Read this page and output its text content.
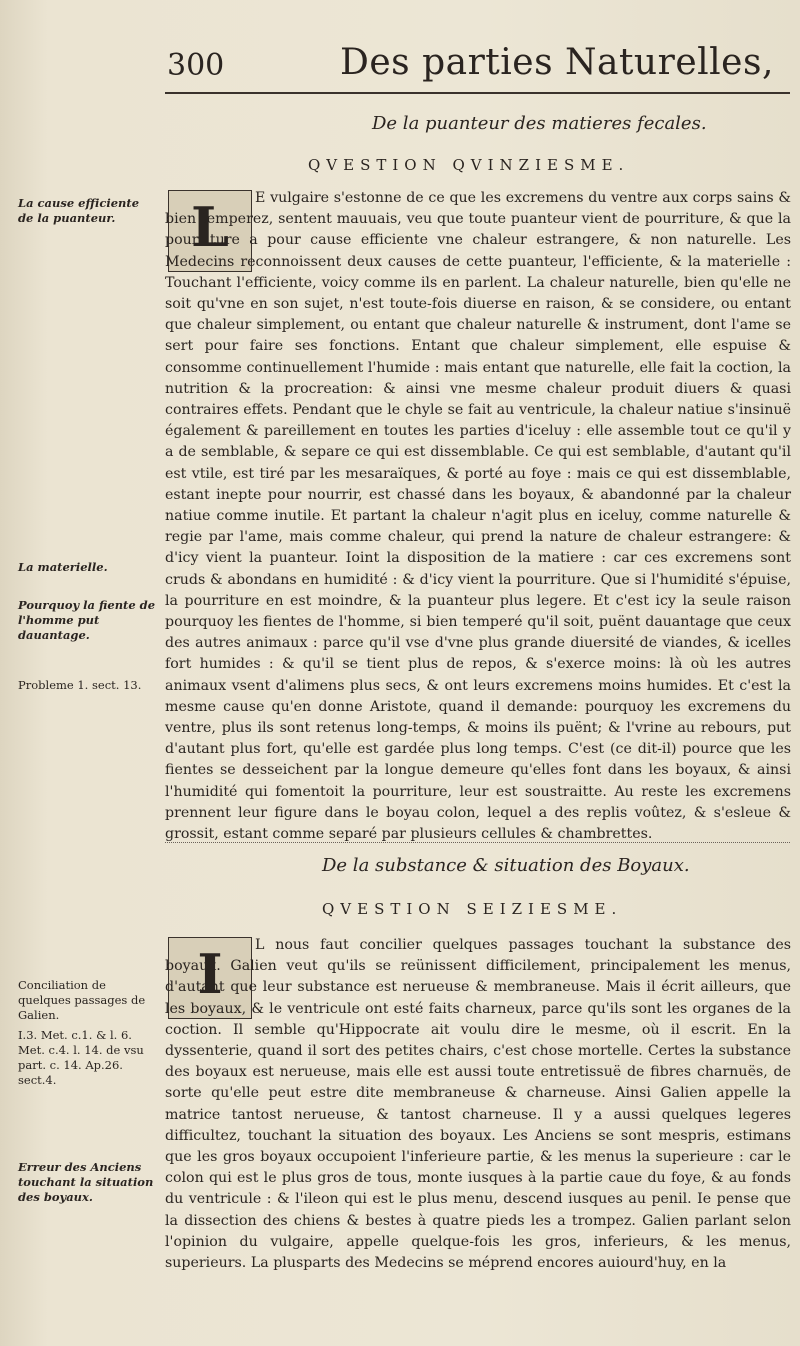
300	Des parties Naturelles,
De la puanteur des matieres fecales.
QVESTION QVINZIESME.
L	E vulgaire s'estonne de ce que les excremens du ventre aux corps sains & bien temperez, sentent mauuais, veu que toute puanteur vient de pourriture, & que la pourriture a pour cause efficiente vne chaleur estrangere, & non naturelle. Les Medecins reconnoissent deux causes de cette puanteur, l'efficiente, & la materielle : Touchant l'efficiente, voicy comme ils en parlent. La chaleur naturelle, bien qu'elle ne soit qu'vne en son sujet, n'est toute-fois diuerse en raison, & se considere, ou entant que chaleur simplement, ou entant que chaleur naturelle & instrument, dont l'ame se sert pour faire ses fonctions. Entant que chaleur simplement, elle espuise & consomme continuellement l'humide : mais entant que naturelle, elle fait la coction, la nutrition & la procreation: & ainsi vne mesme chaleur produit diuers & quasi contraires effets. Pendant que le chyle se fait au ventricule, la chaleur natiue s'insinuë également & pareillement en toutes les parties d'iceluy : elle assemble tout ce qu'il y a de semblable, & separe ce qui est dissemblable. Ce qui est semblable, d'autant qu'il est vtile, est tiré par les mesaraïques, & porté au foye : mais ce qui est dissemblable, estant inepte pour nourrir, est chassé dans les boyaux, & abandonné par la chaleur natiue comme inutile. Et partant la chaleur n'agit plus en iceluy, comme naturelle & regie par l'ame, mais comme chaleur, qui prend la nature de chaleur estrangere: & d'icy vient la puanteur. Ioint la disposition de la matiere : car ces excremens sont cruds & abondans en humidité : & d'icy vient la pourriture. Que si l'humidité s'épuise, la pourriture en est moindre, & la puanteur plus legere. Et c'est icy la seule raison pourquoy les fientes de l'homme, si bien temperé qu'il soit, puënt dauantage que ceux des autres animaux : parce qu'il vse d'vne plus grande diuersité de viandes, & icelles fort humides : & qu'il se tient plus de repos, & s'exerce moins: là où les autres animaux vsent d'alimens plus secs, & ont leurs excremens moins humides. Et c'est la mesme cause qu'en donne Aristote, quand il demande: pourquoy les excremens du ventre, plus ils sont retenus long-temps, & moins ils puënt; & l'vrine au rebours, put d'autant plus fort, qu'elle est gardée plus long temps. C'est (ce dit-il) pource que les fientes se desseichent par la longue demeure qu'elles font dans les boyaux, & ainsi l'humidité qui fomentoit la pourriture, leur est soustraitte. Au reste les excremens prennent leur figure dans le boyau colon, lequel a des replis voûtez, & s'esleue & grossit, estant comme separé par plusieurs cellules & chambrettes.

La cause efficiente de la puanteur.
La materielle.
Pourquoy la fiente de l'homme put dauantage.
Probleme 1. sect. 13.
De la substance & situation des Boyaux.
QVESTION SEIZIESME.
I	L nous faut concilier quelques passages touchant la substance des boyaux. Galien veut qu'ils se reünissent difficilement, principalement les menus, d'autant que leur substance est nerueuse & membraneuse. Mais il écrit ailleurs, que les boyaux, & le ventricule ont esté faits charneux, parce qu'ils sont les organes de la coction. Il semble qu'Hippocrate ait voulu dire le mesme, où il escrit. En la dyssenterie, quand il sort des petites chairs, c'est chose mortelle. Certes la substance des boyaux est nerueuse, mais elle est aussi toute entretissuë de fibres charnuës, de sorte qu'elle peut estre dite membraneuse & charneuse. Ainsi Galien appelle la matrice tantost nerueuse, & tantost charneuse. Il y a aussi quelques legeres difficultez, touchant la situation des boyaux. Les Anciens se sont mespris, estimans que les gros boyaux occupoient l'inferieure partie, & les menus la superieure : car le colon qui est le plus gros de tous, monte iusques à la partie caue du foye, & au fonds du ventricule : & l'ileon qui est le plus menu, descend iusques au penil. Ie pense que la dissection des chiens & bestes à quatre pieds les a trompez. Galien parlant selon l'opinion du vulgaire, appelle quelque-fois les gros, inferieurs, & les menus, superieurs. La plusparts des Medecins se méprend encores auiourd'huy, en la

Conciliation de quelques passages de Galien.
I.3. Met. c.1. & l. 6. Met. c.4. l. 14. de vsu part. c. 14. Ap.26. sect.4.
Erreur des Anciens touchant la situation des boyaux.
